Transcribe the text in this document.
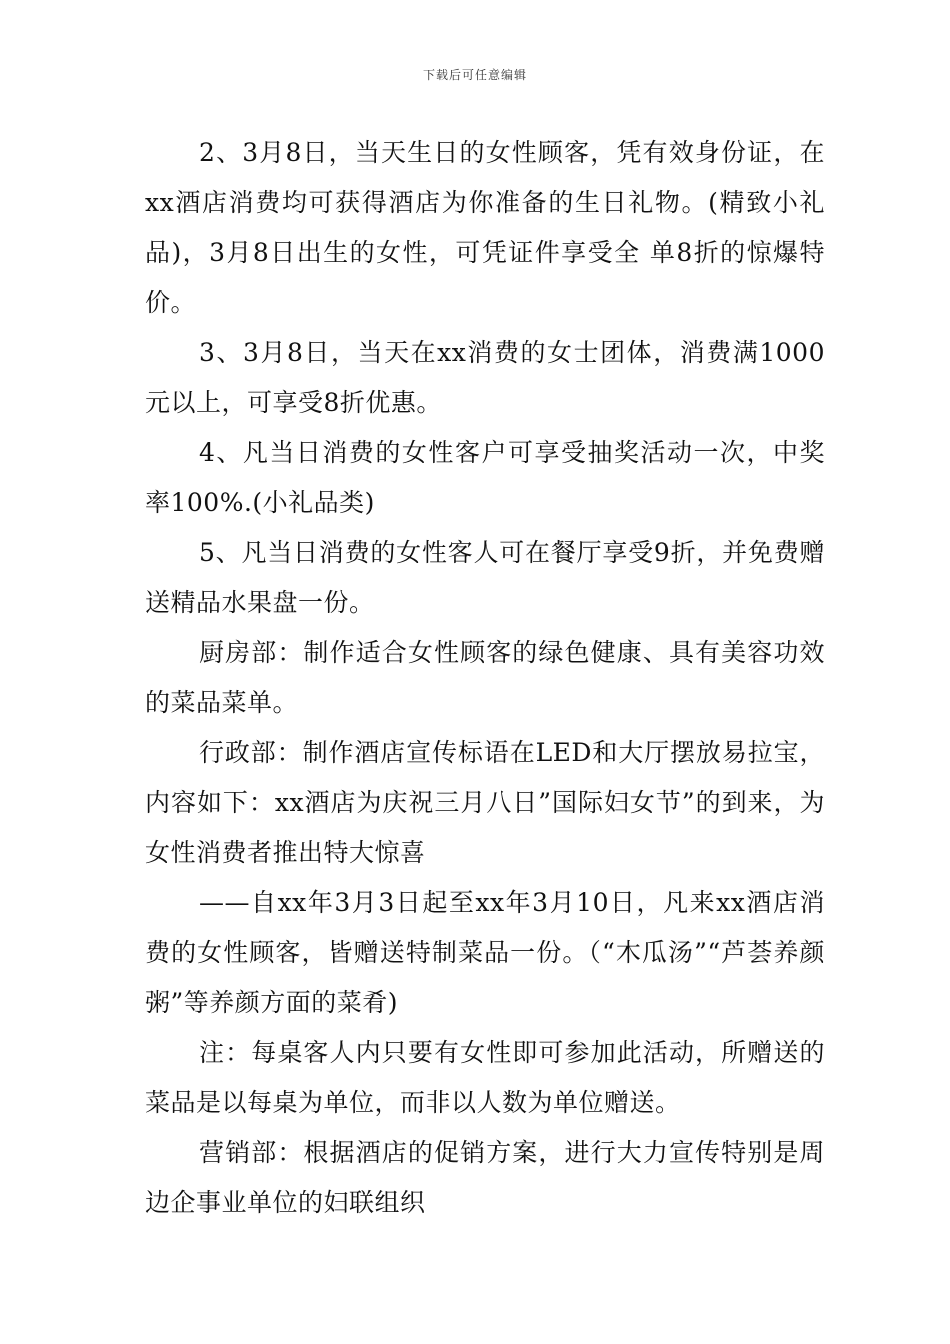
下载后可任意编辑

2、3月8日，当天生日的女性顾客，凭有效身份证，在xx酒店消费均可获得酒店为你准备的生日礼物。(精致小礼品)，3月8日出生的女性，可凭证件享受全 单8折的惊爆特价。

3、3月8日，当天在xx消费的女士团体，消费满1000元以上，可享受8折优惠。

4、凡当日消费的女性客户可享受抽奖活动一次，中奖率100%.(小礼品类)

5、凡当日消费的女性客人可在餐厅享受9折，并免费赠送精品水果盘一份。

厨房部：制作适合女性顾客的绿色健康、具有美容功效的菜品菜单。

行政部：制作酒店宣传标语在LED和大厅摆放易拉宝，内容如下：xx酒店为庆祝三月八日”国际妇女节”的到来，为女性消费者推出特大惊喜

——自xx年3月3日起至xx年3月10日，凡来xx酒店消费的女性顾客，皆赠送特制菜品一份。（“木瓜汤”“芦荟养颜粥”等养颜方面的菜肴)

注：每桌客人内只要有女性即可参加此活动，所赠送的菜品是以每桌为单位，而非以人数为单位赠送。

营销部：根据酒店的促销方案，进行大力宣传特别是周边企事业单位的妇联组织
